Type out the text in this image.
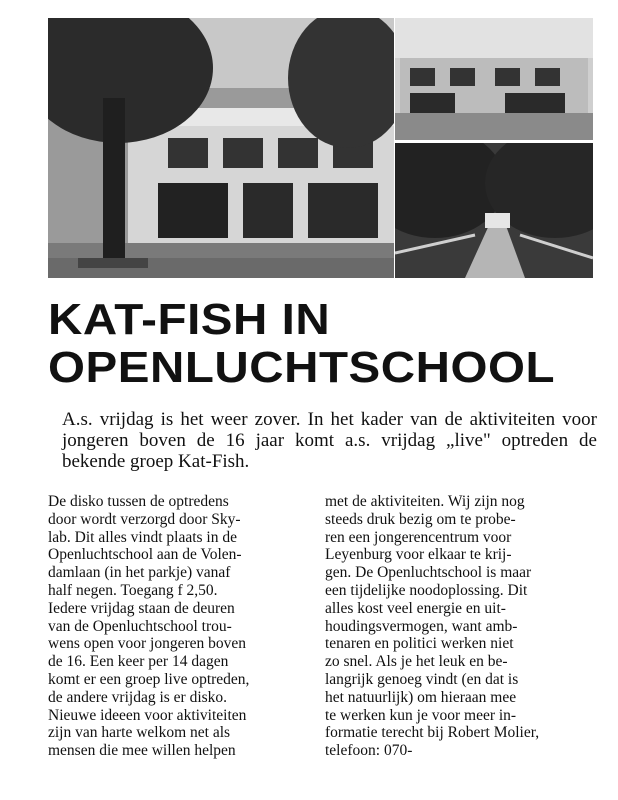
KAT-FISH IN
OPENLUCHTSCHOOL

A.s. vrijdag is het weer zover. In het kader van de aktiviteiten voor jongeren boven de 16 jaar komt a.s. vrijdag „live" optreden de bekende groep Kat-Fish.

De disko tussen de optredens
door wordt verzorgd door Sky-
lab. Dit alles vindt plaats in de
Openluchtschool aan de Volen-
damlaan (in het parkje) vanaf
half negen. Toegang f 2,50.
Iedere vrijdag staan de deuren
van de Openluchtschool trou-
wens open voor jongeren boven
de 16. Een keer per 14 dagen
komt er een groep live optreden,
de andere vrijdag is er disko.
Nieuwe ideeen voor aktiviteiten
zijn van harte welkom net als
mensen die mee willen helpen

met de aktiviteiten. Wij zijn nog
steeds druk bezig om te probe-
ren een jongerencentrum voor
Leyenburg voor elkaar te krij-
gen. De Openluchtschool is maar
een tijdelijke noodoplossing. Dit
alles kost veel energie en uit-
houdingsvermogen, want amb-
tenaren en politici werken niet
zo snel. Als je het leuk en be-
langrijk genoeg vindt (en dat is
het natuurlijk) om hieraan mee
te werken kun je voor meer in-
formatie terecht bij Robert Molier,
telefoon: 070-
